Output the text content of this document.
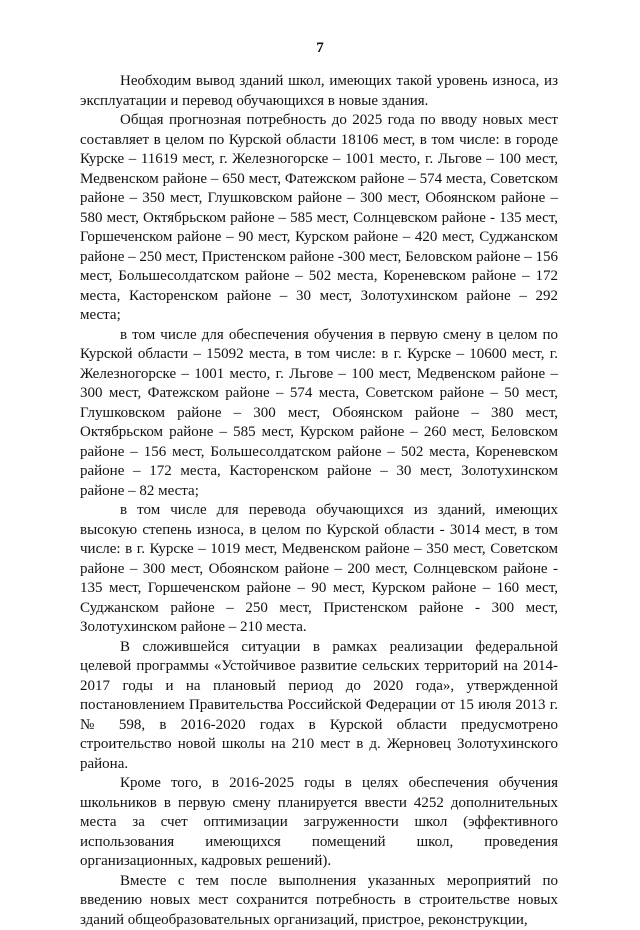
7

Необходим вывод зданий школ, имеющих такой уровень износа, из эксплуатации и перевод обучающихся в новые здания.

Общая прогнозная потребность до 2025 года по вводу новых мест составляет в целом по Курской области 18106 мест, в том числе: в городе Курске – 11619 мест, г. Железногорске – 1001 место, г. Льгове – 100 мест, Медвенском районе – 650 мест, Фатежском районе – 574 места, Советском районе – 350 мест, Глушковском районе – 300 мест, Обоянском районе – 580 мест, Октябрьском районе – 585 мест, Солнцевском районе - 135 мест, Горшеченском районе – 90 мест, Курском районе – 420 мест, Суджанском районе – 250 мест, Пристенском районе -300 мест, Беловском районе – 156 мест, Большесолдатском районе – 502 места, Кореневском районе – 172 места, Касторенском районе – 30 мест, Золотухинском районе – 292 места;

в том числе для обеспечения обучения в первую смену в целом по Курской области – 15092 места, в том числе: в г. Курске – 10600 мест, г. Железногорске – 1001 место, г. Льгове – 100 мест, Медвенском районе – 300 мест, Фатежском районе – 574 места, Советском районе – 50 мест, Глушковском районе – 300 мест, Обоянском районе – 380 мест, Октябрьском районе – 585 мест, Курском районе – 260 мест, Беловском районе – 156 мест, Большесолдатском районе – 502 места, Кореневском районе – 172 места, Касторенском районе – 30 мест, Золотухинском районе – 82 места;

в том числе для перевода обучающихся из зданий, имеющих высокую степень износа, в целом по Курской области - 3014 мест, в том числе: в г. Курске – 1019 мест, Медвенском районе – 350 мест, Советском районе – 300 мест, Обоянском районе – 200 мест, Солнцевском районе - 135 мест, Горшеченском районе – 90 мест, Курском районе – 160 мест, Суджанском районе – 250 мест, Пристенском районе - 300 мест, Золотухинском районе – 210 места.

В сложившейся ситуации в рамках реализации федеральной целевой программы «Устойчивое развитие сельских территорий на 2014-2017 годы и на плановый период до 2020 года», утвержденной постановлением Правительства Российской Федерации от 15 июля 2013 г. № 598, в 2016-2020 годах в Курской области предусмотрено строительство новой школы на 210 мест в д. Жерновец Золотухинского района.

Кроме того, в 2016-2025 годы в целях обеспечения обучения школьников в первую смену планируется ввести 4252 дополнительных места за счет оптимизации загруженности школ (эффективного использования имеющихся помещений школ, проведения организационных, кадровых решений).

Вместе с тем после выполнения указанных мероприятий по введению новых мест сохранится потребность в строительстве новых зданий общеобразовательных организаций, пристрое, реконструкции,
